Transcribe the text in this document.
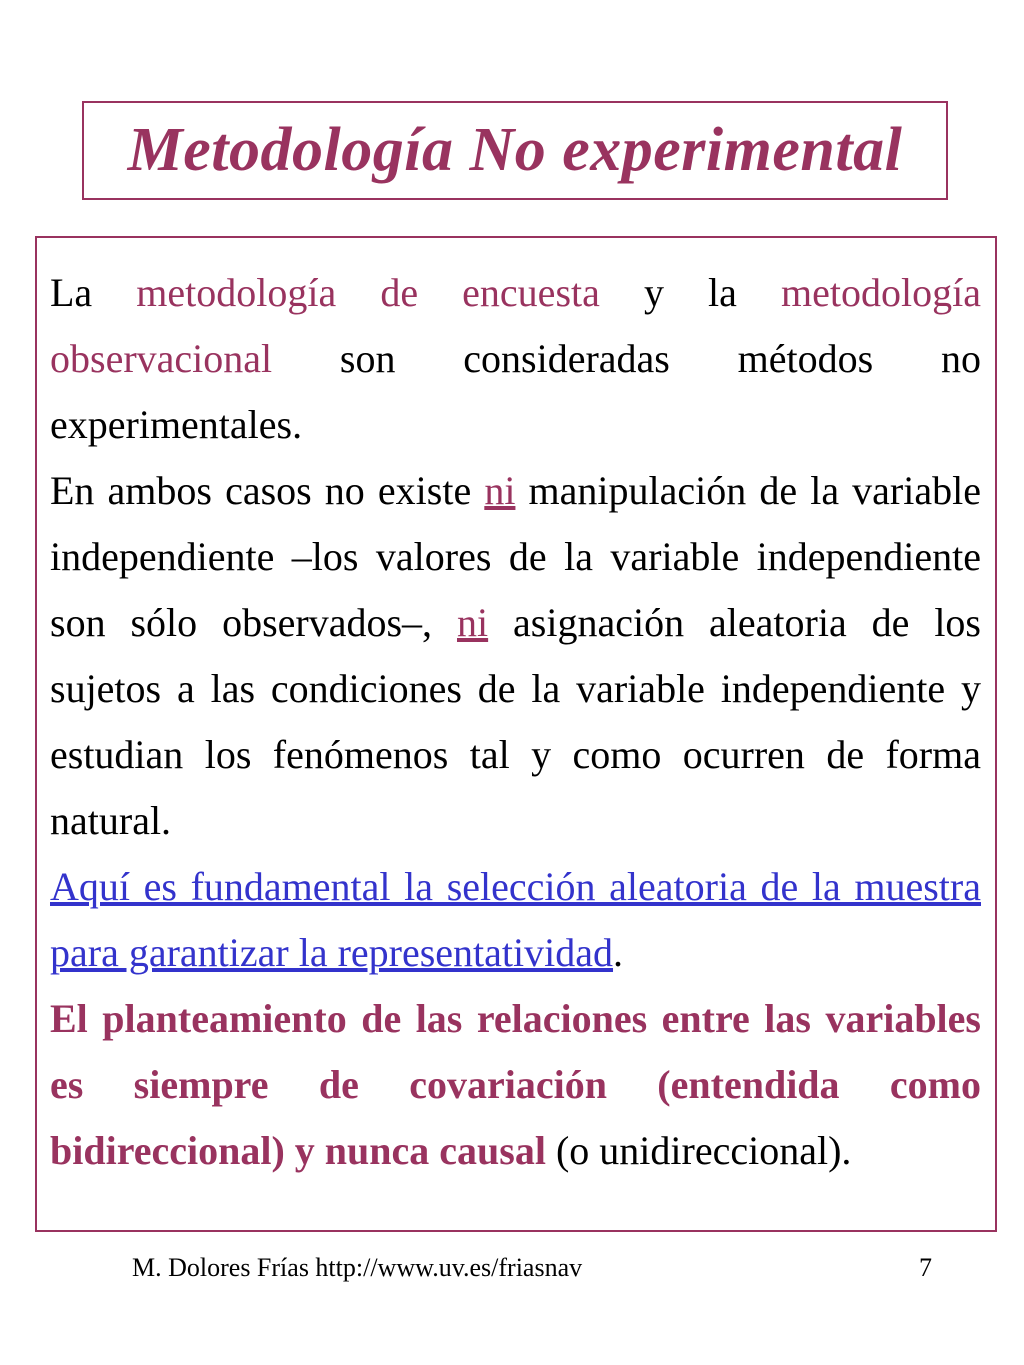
Metodología No experimental

La metodología de encuesta y la metodología observacional son consideradas métodos no experimentales.

En ambos casos no existe ni manipulación de la variable independiente –los valores de la variable independiente son sólo observados–, ni asignación aleatoria de los sujetos a las condiciones de la variable independiente y estudian los fenómenos tal y como ocurren de forma natural.

Aquí es fundamental la selección aleatoria de la muestra para garantizar la representatividad.

El planteamiento de las relaciones entre las variables es siempre de covariación (entendida como bidireccional) y nunca causal (o unidireccional).

M. Dolores Frías http://www.uv.es/friasnav	7
